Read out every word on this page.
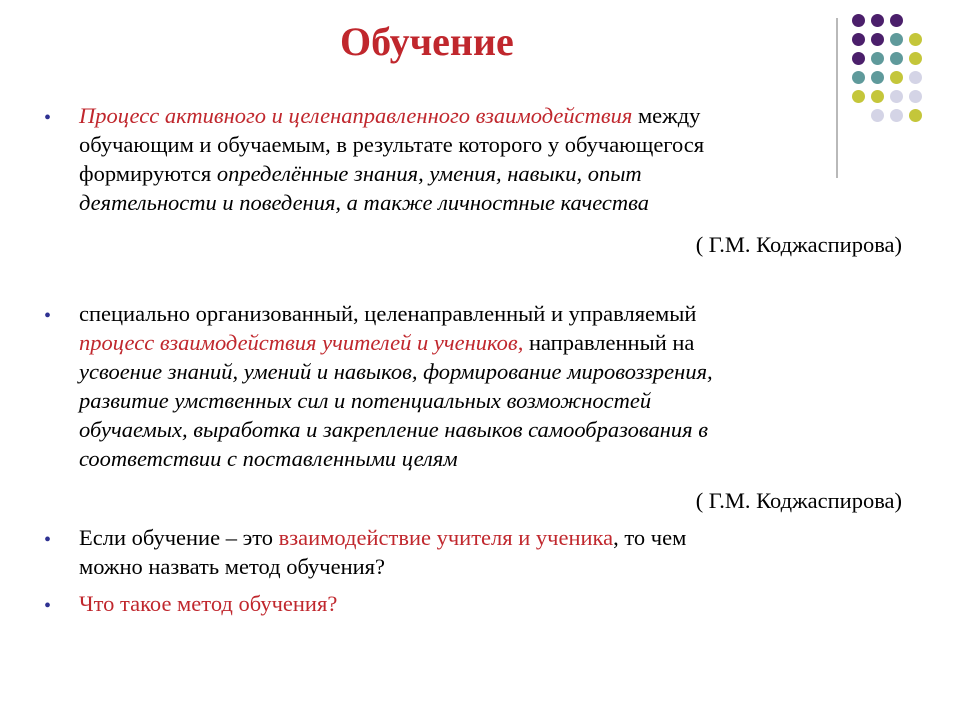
Обучение
• Процесс активного и целенаправленного взаимодействия между
обучающим и обучаемым, в результате которого у обучающегося
формируются определённые знания, умения, навыки, опыт
деятельности и поведения, а также личностные качества
( Г.М. Коджаспирова)
• специально организованный, целенаправленный и управляемый
процесс взаимодействия учителей и учеников, направленный на
усвоение знаний, умений и навыков, формирование мировоззрения,
развитие умственных сил и потенциальных возможностей
обучаемых, выработка и закрепление навыков самообразования в
соответствии с поставленными целям
( Г.М. Коджаспирова)
• Если обучение – это взаимодействие учителя и ученика, то чем
можно назвать метод обучения?
• Что такое метод обучения?
